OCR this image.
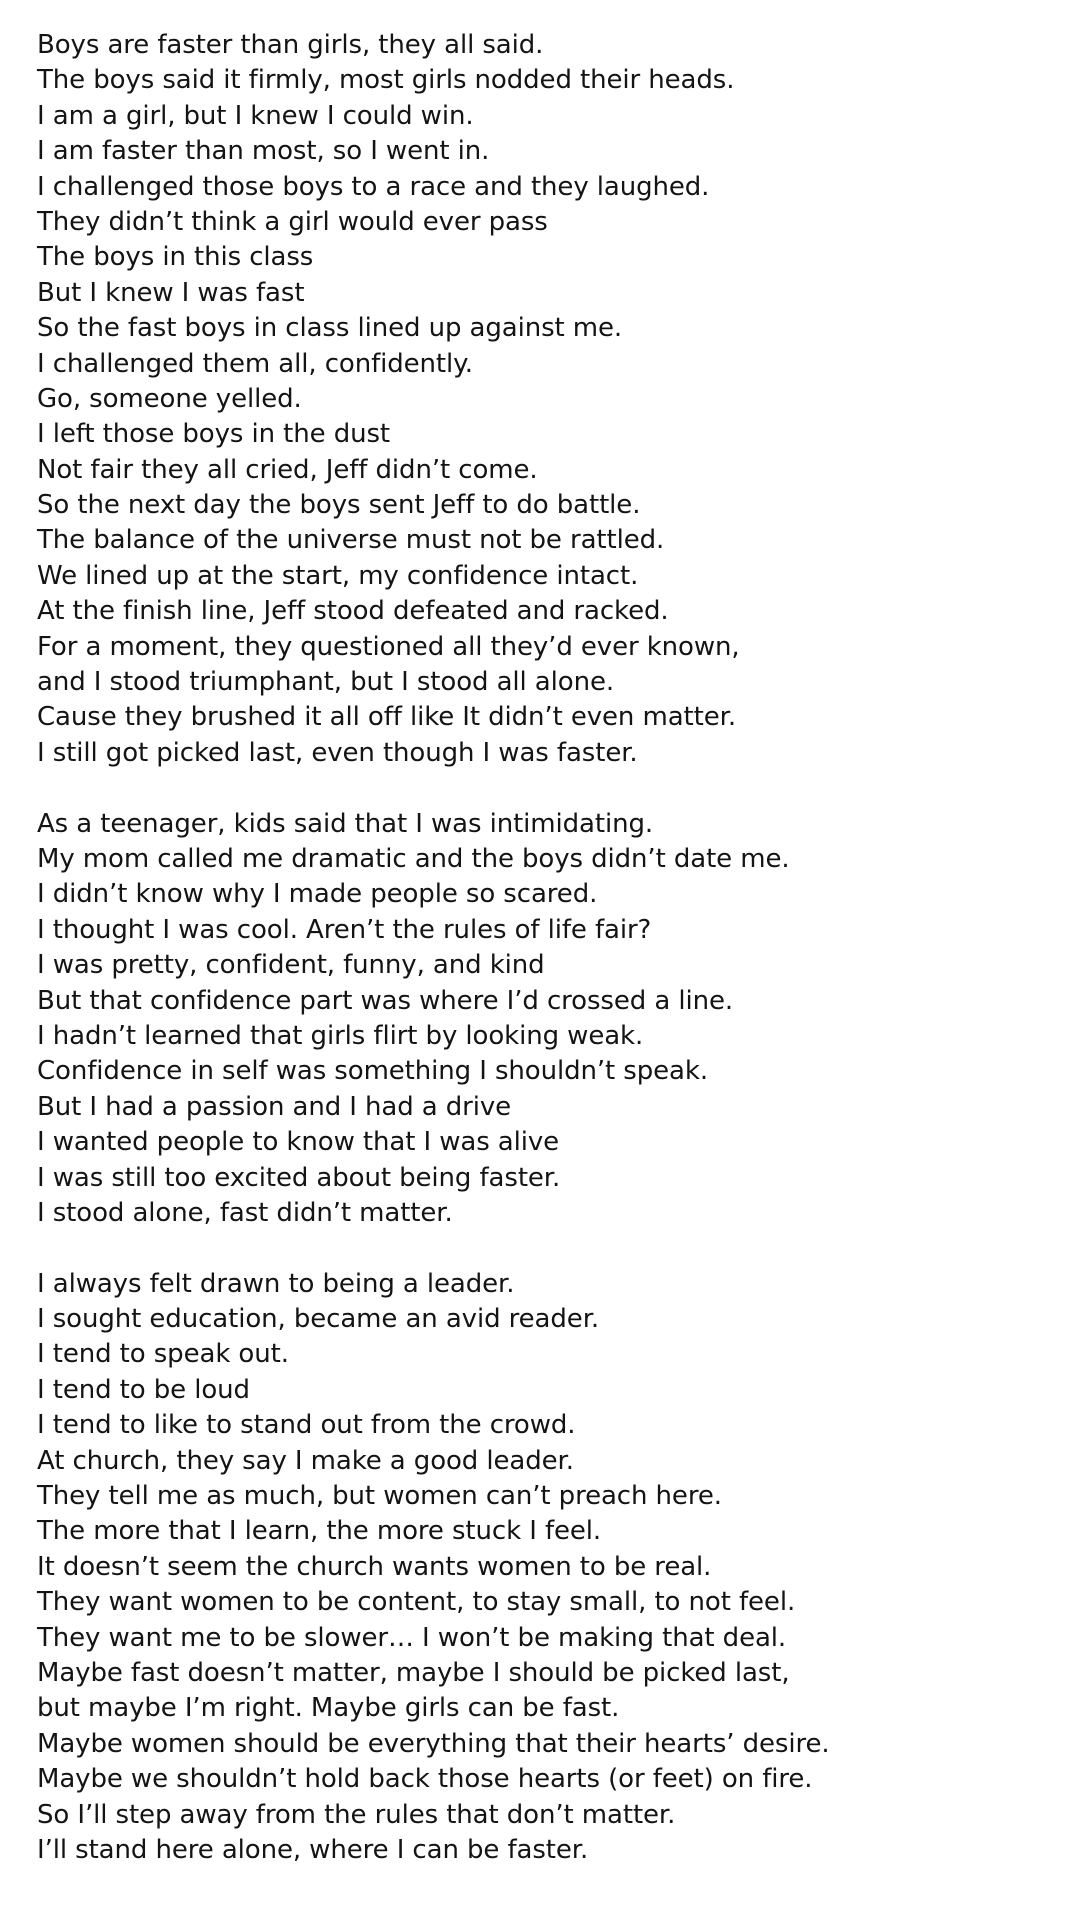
Boys are faster than girls, they all said.
The boys said it firmly, most girls nodded their heads.
I am a girl, but I knew I could win.
I am faster than most, so I went in.
I challenged those boys to a race and they laughed.
They didn’t think a girl would ever pass
The boys in this class
But I knew I was fast
So the fast boys in class lined up against me.
I challenged them all, confidently.
Go, someone yelled.
I left those boys in the dust
Not fair they all cried, Jeff didn’t come.
So the next day the boys sent Jeff to do battle.
The balance of the universe must not be rattled.
We lined up at the start, my confidence intact.
At the finish line, Jeff stood defeated and racked.
For a moment, they questioned all they’d ever known,
and I stood triumphant, but I stood all alone.
Cause they brushed it all off like It didn’t even matter.
I still got picked last, even though I was faster.
As a teenager, kids said that I was intimidating.
My mom called me dramatic and the boys didn’t date me.
I didn’t know why I made people so scared.
I thought I was cool. Aren’t the rules of life fair?
I was pretty, confident, funny, and kind
But that confidence part was where I’d crossed a line.
I hadn’t learned that girls flirt by looking weak.
Confidence in self was something I shouldn’t speak.
But I had a passion and I had a drive
I wanted people to know that I was alive
I was still too excited about being faster.
I stood alone, fast didn’t matter.
I always felt drawn to being a leader.
I sought education, became an avid reader.
I tend to speak out.
I tend to be loud
I tend to like to stand out from the crowd.
At church, they say I make a good leader.
They tell me as much, but women can’t preach here.
The more that I learn, the more stuck I feel.
It doesn’t seem the church wants women to be real.
They want women to be content, to stay small, to not feel.
They want me to be slower… I won’t be making that deal.
Maybe fast doesn’t matter, maybe I should be picked last,
but maybe I’m right. Maybe girls can be fast.
Maybe women should be everything that their hearts’ desire.
Maybe we shouldn’t hold back those hearts (or feet) on fire.
So I’ll step away from the rules that don’t matter.
I’ll stand here alone, where I can be faster.
